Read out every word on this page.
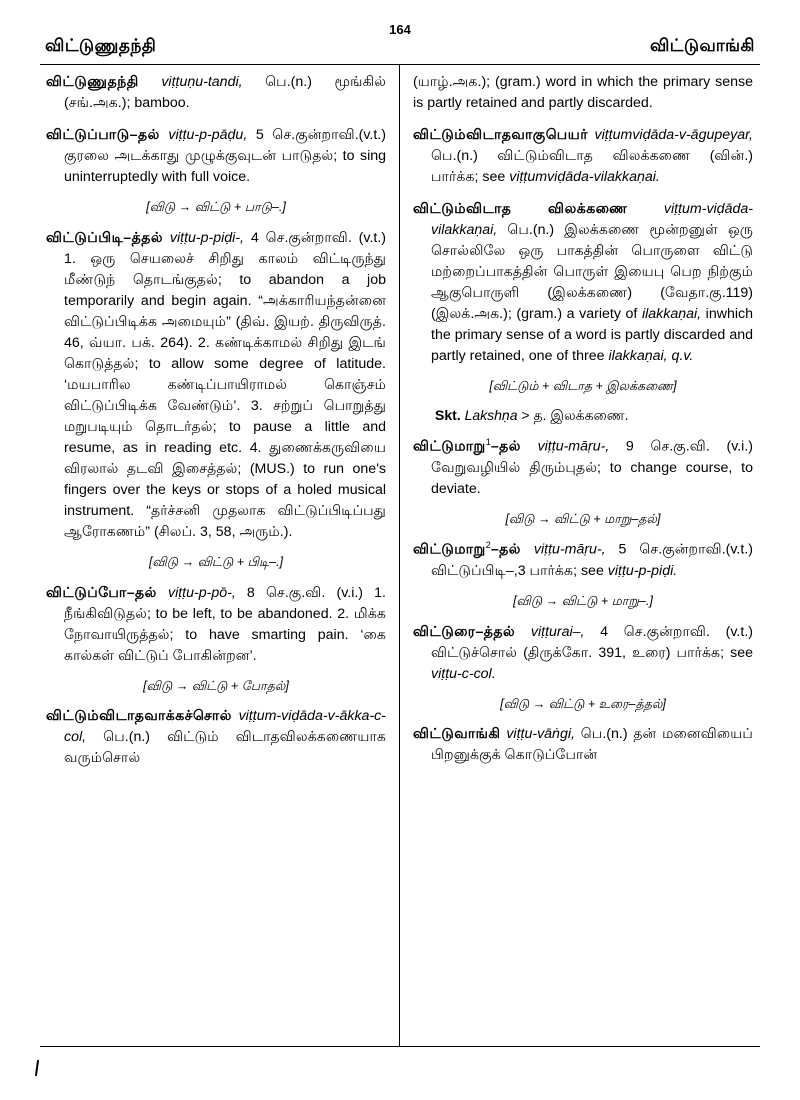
விட்டுணுதந்தி
164
விட்டுவாங்கி

விட்டுணுதந்தி viṭṭuṇu-tandi, பெ.(n.) மூங்கில் (சங்.அக.); bamboo.

விட்டுப்பாடு–தல் viṭṭu-p-pāḍu, 5 செ.குன்றாவி.(v.t.) குரலை அடக்காது முழுக்குவுடன் பாடுதல்; to sing uninterruptedly with full voice.

[விடு → விட்டு + பாடு–.]

விட்டுப்பிடி–த்தல் viṭṭu-p-piḍi-, 4 செ.குன்றாவி. (v.t.) 1. ஒரு செயலைச் சிறிது காலம் விட்டிருந்து மீண்டுந் தொடங்குதல்; to abandon a job temporarily and begin again. “அக்காரியந்தன்னை விட்டுப்பிடிக்க அமையும்” (திவ். இயற். திருவிருத். 46, வ்யா. பக். 264). 2. கண்டிக்காமல் சிறிது இடங் கொடுத்தல்; to allow some degree of latitude. ‘மயபாரில கண்டிப்பாயிராமல் கொஞ்சம் விட்டுப்பிடிக்க வேண்டும்’. 3. சற்றுப் பொறுத்து மறுபடியும் தொடர்தல்; to pause a little and resume, as in reading etc. 4. துணைக்கருவியை விரலால் தடவி இசைத்தல்; (MUS.) to run one's fingers over the keys or stops of a holed musical instrument. “தர்ச்சனி முதலாக விட்டுப்பிடிப்பது ஆரோகணம்” (சிலப். 3, 58, அரும்.).

[விடு → விட்டு + பிடி–.]

விட்டுப்போ–தல் viṭṭu-p-pō-, 8 செ.கு.வி. (v.i.) 1. நீங்கிவிடுதல்; to be left, to be abandoned. 2. மிக்க நோவாயிருத்தல்; to have smarting pain. ‘கை கால்கள் விட்டுப் போகின்றன’.

[விடு → விட்டு + போதல்]

விட்டும்விடாதவாக்கச்சொல் viṭṭum-viḍāda-v-ākka-c-col, பெ.(n.) விட்டும் விடாதவிலக்கணையாக வரும்சொல்

(யாழ்.அக.); (gram.) word in which the primary sense is partly retained and partly discarded.

விட்டும்விடாதவாகுபெயர் viṭṭumviḍāda-v-āgupeyar, பெ.(n.) விட்டும்விடாத விலக்கணை (வின்.) பார்க்க; see viṭṭumviḍāda-vilakkaṇai.

விட்டும்விடாத விலக்கணை	viṭṭum-viḍāda- vilakkaṇai, பெ.(n.) இலக்கணை மூன்றனுள் ஒரு சொல்லிலே ஒரு பாகத்தின் பொருளை விட்டு மற்றைப்பாகத்தின் பொருள் இயைபு பெற நிற்கும் ஆகுபொருளி (இலக்கணை) (வேதா.கு.119) (இலக்.அக.); (gram.) a variety of ilakkaṇai, inwhich the primary sense of a word is partly discarded and partly retained, one of three ilakkaṇai, q.v.

[விட்டும் + விடாத + இலக்கணை]

Skt. Lakshṇa > த. இலக்கணை.

விட்டுமாறு$^1$–தல் viṭṭu-māṛu-, 9 செ.கு.வி. (v.i.) வேறுவழியில் திரும்புதல்; to change course, to deviate.

[விடு → விட்டு + மாறு–தல்]

விட்டுமாறு$^2$–தல் viṭṭu-māṛu-, 5 செ.குன்றாவி.(v.t.) விட்டுப்பிடி–,3 பார்க்க; see viṭṭu-p-piḍi.

[விடு → விட்டு + மாறு–.]

விட்டுரை–த்தல் viṭṭurai–, 4 செ.குன்றாவி. (v.t.) விட்டுச்சொல் (திருக்கோ. 391, உரை) பார்க்க; see viṭṭu-c-col.

[விடு → விட்டு + உரை–த்தல்]

விட்டுவாங்கி viṭṭu-vāṅgi, பெ.(n.) தன் மனைவியைப் பிறனுக்குக் கொடுப்போன்
